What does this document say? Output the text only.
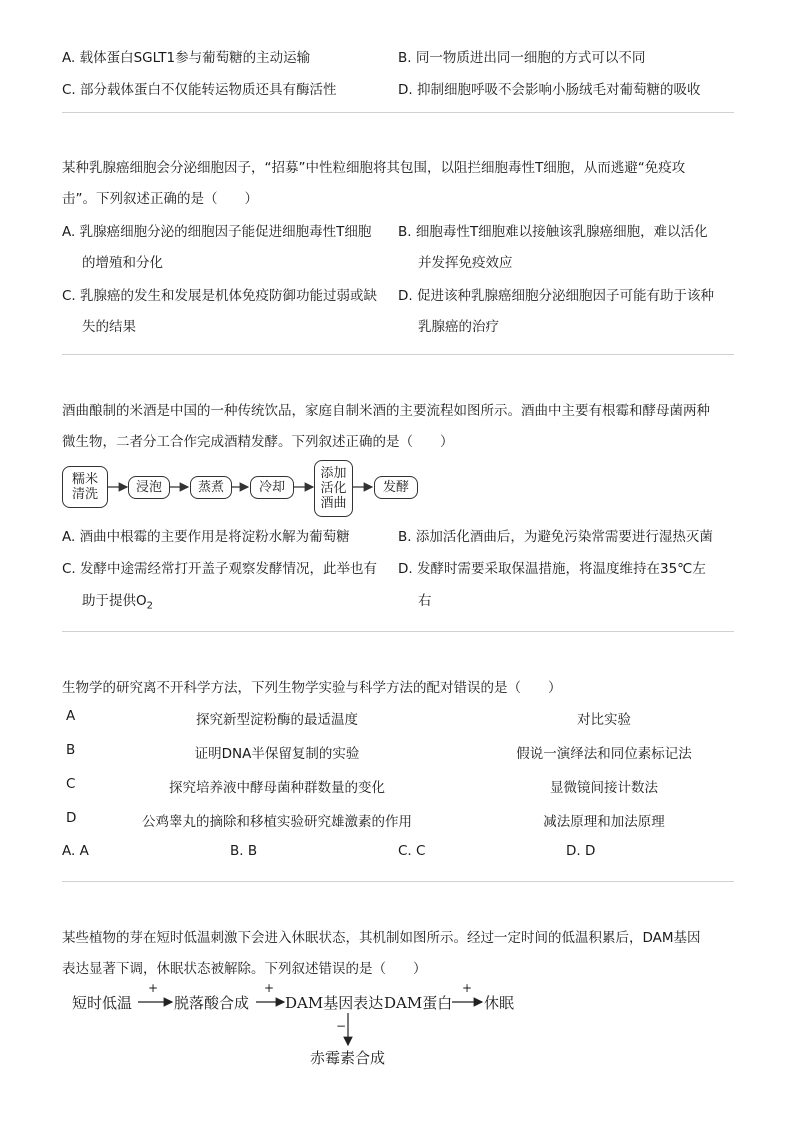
A. 载体蛋白SGLT1参与葡萄糖的主动运输	B. 同一物质进出同一细胞的方式可以不同
C. 部分载体蛋白不仅能转运物质还具有酶活性	D. 抑制细胞呼吸不会影响小肠绒毛对葡萄糖的吸收
某种乳腺癌细胞会分泌细胞因子，“招募”中性粒细胞将其包围，以阻拦细胞毒性T细胞，从而逃避“免疫攻
击”。下列叙述正确的是（　　）
A. 乳腺癌细胞分泌的细胞因子能促进细胞毒性T细胞
的增殖和分化
B. 细胞毒性T细胞难以接触该乳腺癌细胞，难以活化
并发挥免疫效应
C. 乳腺癌的发生和发展是机体免疫防御功能过弱或缺
失的结果
D. 促进该种乳腺癌细胞分泌细胞因子可能有助于该种
乳腺癌的治疗
酒曲酿制的米酒是中国的一种传统饮品，家庭自制米酒的主要流程如图所示。酒曲中主要有根霉和酵母菌两种
微生物，二者分工合作完成酒精发酵。下列叙述正确的是（　　）
糯米
清洗	浸泡	蒸煮	冷却
添加
活化
酒曲
发酵
A. 酒曲中根霉的主要作用是将淀粉水解为葡萄糖	B. 添加活化酒曲后，为避免污染常需要进行湿热灭菌
C. 发酵中途需经常打开盖子观察发酵情况，此举也有
助于提供$O_2$
D. 发酵时需要采取保温措施，将温度维持在35℃左
右
生物学的研究离不开科学方法，下列生物学实验与科学方法的配对错误的是（　　）
A	探究新型淀粉酶的最适温度	对比实验
B	证明DNA半保留复制的实验	假说一演绎法和同位素标记法
C	探究培养液中酵母菌种群数量的变化	显微镜间接计数法
D	公鸡睾丸的摘除和移植实验研究雄激素的作用	减法原理和加法原理
A. A	B. B	C. C	D. D
某些植物的芽在短时低温刺激下会进入休眠状态，其机制如图所示。经过一定时间的低温积累后，DAM基因
表达显著下调，休眠状态被解除。下列叙述错误的是（　　）
+	+	+
−
短时低温	脱落酸合成 DAM基因表达 DAM蛋白 休眠
赤霉素合成
